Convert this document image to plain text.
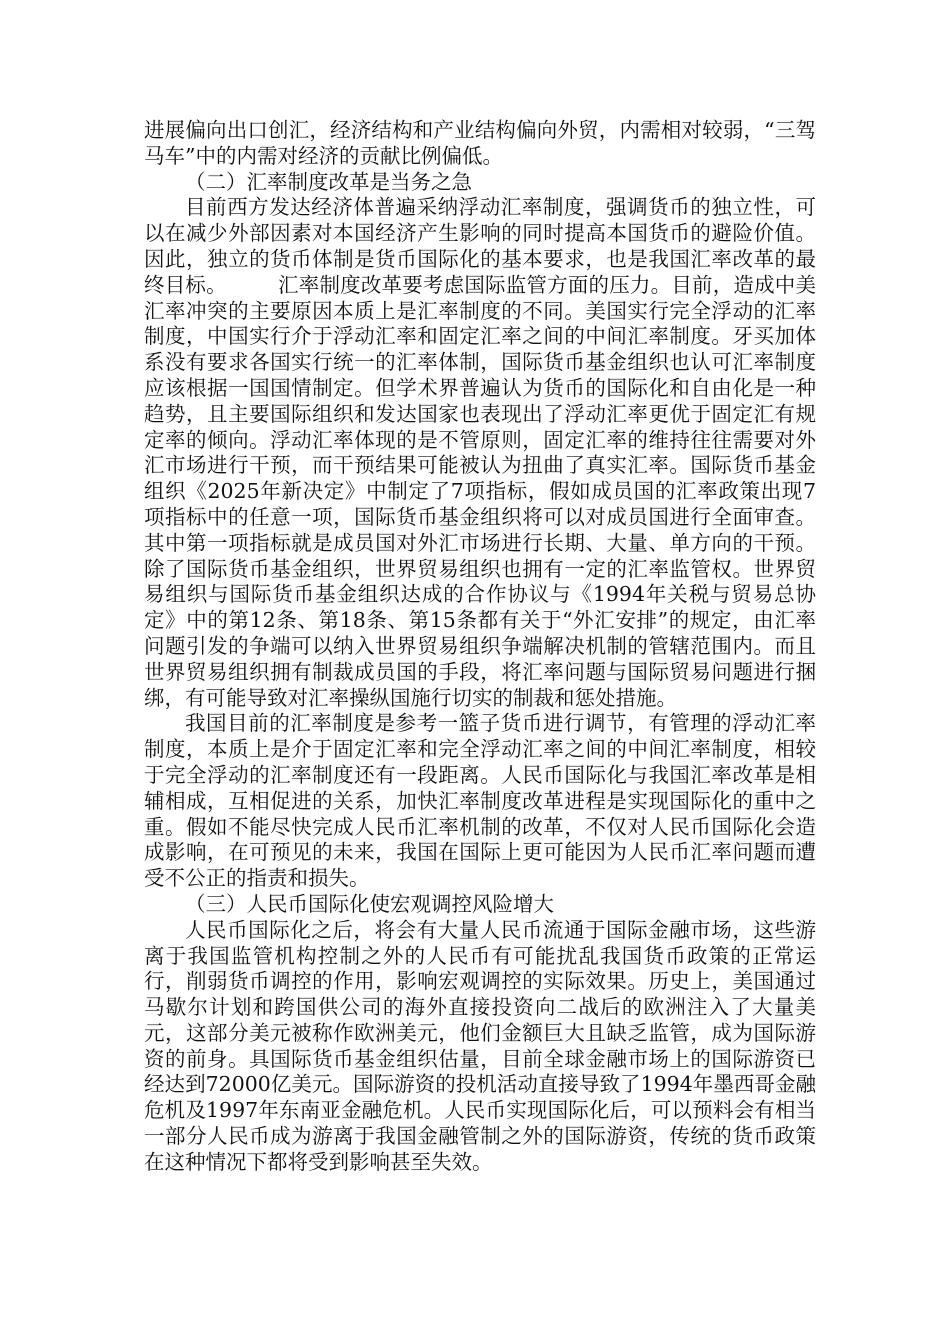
进展偏向出口创汇，经济结构和产业结构偏向外贸，内需相对较弱，“三驾马车”中的内需对经济的贡献比例偏低。

（二）汇率制度改革是当务之急

目前西方发达经济体普遍采纳浮动汇率制度，强调货币的独立性，可以在减少外部因素对本国经济产生影响的同时提高本国货币的避险价值。因此，独立的货币体制是货币国际化的基本要求，也是我国汇率改革的最终目标。	汇率制度改革要考虑国际监管方面的压力。目前，造成中美汇率冲突的主要原因本质上是汇率制度的不同。美国实行完全浮动的汇率制度，中国实行介于浮动汇率和固定汇率之间的中间汇率制度。牙买加体系没有要求各国实行统一的汇率体制，国际货币基金组织也认可汇率制度应该根据一国国情制定。但学术界普遍认为货币的国际化和自由化是一种趋势，且主要国际组织和发达国家也表现出了浮动汇率更优于固定汇有规定率的倾向。浮动汇率体现的是不管原则，固定汇率的维持往往需要对外汇市场进行干预，而干预结果可能被认为扭曲了真实汇率。国际货币基金组织《2025年新决定》中制定了7项指标，假如成员国的汇率政策出现7项指标中的任意一项，国际货币基金组织将可以对成员国进行全面审查。其中第一项指标就是成员国对外汇市场进行长期、大量、单方向的干预。除了国际货币基金组织，世界贸易组织也拥有一定的汇率监管权。世界贸易组织与国际货币基金组织达成的合作协议与《1994年关税与贸易总协定》中的第12条、第18条、第15条都有关于“外汇安排”的规定，由汇率问题引发的争端可以纳入世界贸易组织争端解决机制的管辖范围内。而且世界贸易组织拥有制裁成员国的手段，将汇率问题与国际贸易问题进行捆绑，有可能导致对汇率操纵国施行切实的制裁和惩处措施。

我国目前的汇率制度是参考一篮子货币进行调节，有管理的浮动汇率制度，本质上是介于固定汇率和完全浮动汇率之间的中间汇率制度，相较于完全浮动的汇率制度还有一段距离。人民币国际化与我国汇率改革是相辅相成，互相促进的关系，加快汇率制度改革进程是实现国际化的重中之重。假如不能尽快完成人民币汇率机制的改革，不仅对人民币国际化会造成影响，在可预见的未来，我国在国际上更可能因为人民币汇率问题而遭受不公正的指责和损失。

（三）人民币国际化使宏观调控风险增大

人民币国际化之后，将会有大量人民币流通于国际金融市场，这些游离于我国监管机构控制之外的人民币有可能扰乱我国货币政策的正常运行，削弱货币调控的作用，影响宏观调控的实际效果。历史上，美国通过马歇尔计划和跨国供公司的海外直接投资向二战后的欧洲注入了大量美元，这部分美元被称作欧洲美元，他们金额巨大且缺乏监管，成为国际游资的前身。具国际货币基金组织估量，目前全球金融市场上的国际游资已经达到72000亿美元。国际游资的投机活动直接导致了1994年墨西哥金融危机及1997年东南亚金融危机。人民币实现国际化后，可以预料会有相当一部分人民币成为游离于我国金融管制之外的国际游资，传统的货币政策在这种情况下都将受到影响甚至失效。
